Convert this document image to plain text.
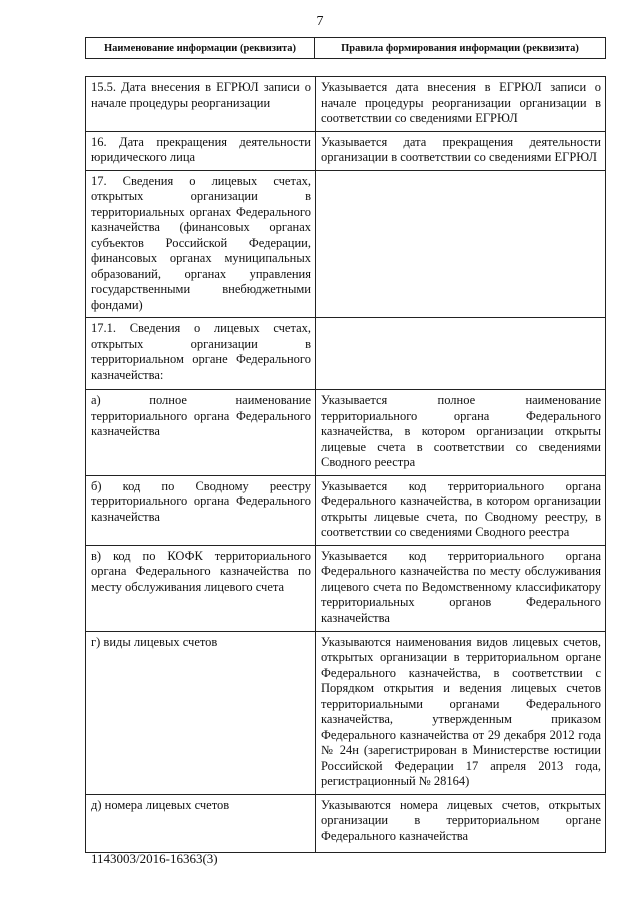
7
Наименование информации (реквизита)	Правила формирования информации (реквизита)
15.5. Дата внесения в ЕГРЮЛ записи о начале процедуры реорганизации	Указывается дата внесения в ЕГРЮЛ записи о начале процедуры реорганизации организации в соответствии со сведениями ЕГРЮЛ
16. Дата прекращения деятельности юридического лица	Указывается дата прекращения деятельности организации в соответствии со сведениями ЕГРЮЛ
17. Сведения о лицевых счетах, открытых организации в территориальных органах Федерального казначейства (финансовых органах субъектов Российской Федерации, финансовых органах муниципальных образований, органах управления государственными внебюджетными фондами)	
17.1. Сведения о лицевых счетах, открытых организации в территориальном органе Федерального казначейства:	
а) полное наименование территориального органа Федерального казначейства	Указывается полное наименование территориального органа Федерального казначейства, в котором организации открыты лицевые счета в соответствии со сведениями Сводного реестра
б) код по Сводному реестру территориального органа Федерального казначейства	Указывается код территориального органа Федерального казначейства, в котором организации открыты лицевые счета, по Сводному реестру, в соответствии со сведениями Сводного реестра
в) код по КОФК территориального органа Федерального казначейства по месту обслуживания лицевого счета	Указывается код территориального органа Федерального казначейства по месту обслуживания лицевого счета по Ведомственному классификатору территориальных органов Федерального казначейства
г) виды лицевых счетов	Указываются наименования видов лицевых счетов, открытых организации в территориальном органе Федерального казначейства, в соответствии с Порядком открытия и ведения лицевых счетов территориальными органами Федерального казначейства, утвержденным приказом Федерального казначейства от 29 декабря 2012 года № 24н (зарегистрирован в Министерстве юстиции Российской Федерации 17 апреля 2013 года, регистрационный № 28164)
д) номера лицевых счетов	Указываются номера лицевых счетов, открытых организации в территориальном органе Федерального казначейства
1143003/2016-16363(3)
